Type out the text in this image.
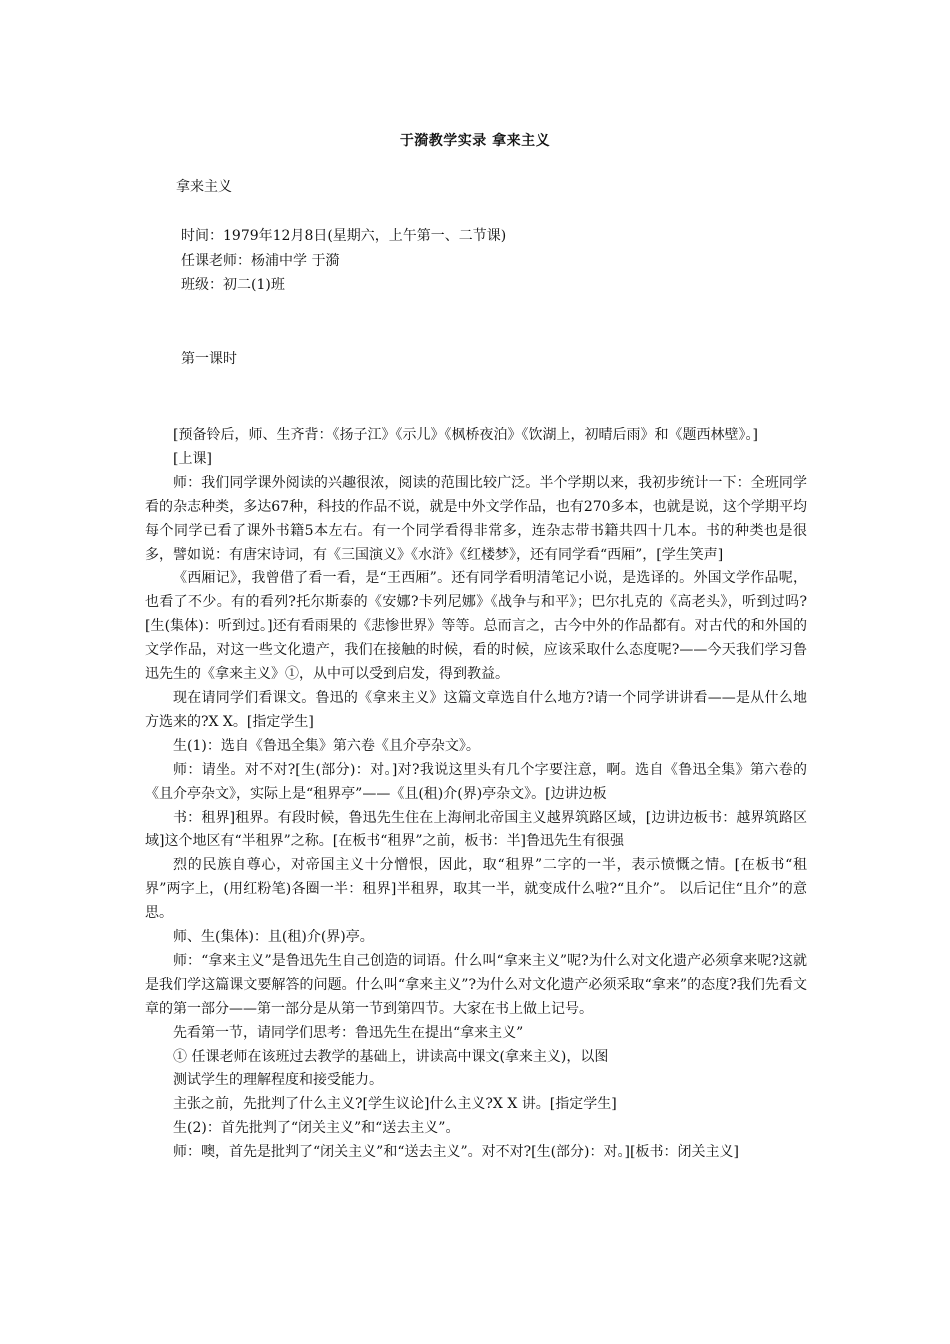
于漪教学实录 拿来主义
拿来主义
时间：1979年12月8日(星期六，上午第一、二节课)
任课老师：杨浦中学 于漪
班级：初二(1)班
第一课时

[预备铃后，师、生齐背：《扬子江》《示儿》《枫桥夜泊》《饮湖上，初晴后雨》和《题西林壁》。]

[上课]

师：我们同学课外阅读的兴趣很浓，阅读的范围比较广泛。半个学期以来，我初步统计一下：全班同学看的杂志种类，多达67种，科技的作品不说，就是中外文学作品，也有270多本，也就是说，这个学期平均每个同学已看了课外书籍5本左右。有一个同学看得非常多，连杂志带书籍共四十几本。书的种类也是很多，譬如说：有唐宋诗词，有《三国演义》《水浒》《红楼梦》，还有同学看“西厢”，[学生笑声]

《西厢记》，我曾借了看一看，是“王西厢”。还有同学看明清笔记小说，是选译的。外国文学作品呢，也看了不少。有的看列?托尔斯泰的《安娜?卡列尼娜》《战争与和平》；巴尔扎克的《高老头》，听到过吗?[生(集体)：听到过。]还有看雨果的《悲惨世界》等等。总而言之，古今中外的作品都有。对古代的和外国的文学作品，对这一些文化遗产，我们在接触的时候，看的时候，应该采取什么态度呢?——今天我们学习鲁迅先生的《拿来主义》①，从中可以受到启发，得到教益。

现在请同学们看课文。鲁迅的《拿来主义》这篇文章选自什么地方?请一个同学讲讲看——是从什么地方选来的?X X。[指定学生]

生(1)：选自《鲁迅全集》第六卷《且介亭杂文》。

师：请坐。对不对?[生(部分)：对。]对?我说这里头有几个字要注意，啊。选自《鲁迅全集》第六卷的《且介亭杂文》，实际上是“租界亭”——《且(租)介(界)亭杂文》。[边讲边板

书：租界]租界。有段时候，鲁迅先生住在上海闸北帝国主义越界筑路区域，[边讲边板书：越界筑路区域]这个地区有“半租界”之称。[在板书“租界”之前，板书：半]鲁迅先生有很强

烈的民族自尊心，对帝国主义十分憎恨，因此，取“租界”二字的一半，表示愤慨之情。[在板书“租界”两字上，(用红粉笔)各圈一半：租界]半租界，取其一半，就变成什么啦?“且介”。 以后记住“且介”的意思。

师、生(集体)：且(租)介(界)亭。

师：“拿来主义”是鲁迅先生自己创造的词语。什么叫“拿来主义”呢?为什么对文化遗产必须拿来呢?这就是我们学这篇课文要解答的问题。什么叫“拿来主义”?为什么对文化遗产必须采取“拿来”的态度?我们先看文章的第一部分——第一部分是从第一节到第四节。大家在书上做上记号。

先看第一节，请同学们思考：鲁迅先生在提出“拿来主义”

① 任课老师在该班过去教学的基础上，讲读高中课文(拿来主义)，以图

测试学生的理解程度和接受能力。

主张之前，先批判了什么主义?[学生议论]什么主义?X X 讲。[指定学生]

生(2)：首先批判了“闭关主义”和“送去主义”。

师：噢，首先是批判了“闭关主义”和“送去主义”。对不对?[生(部分)：对。][板书：闭关主义]
